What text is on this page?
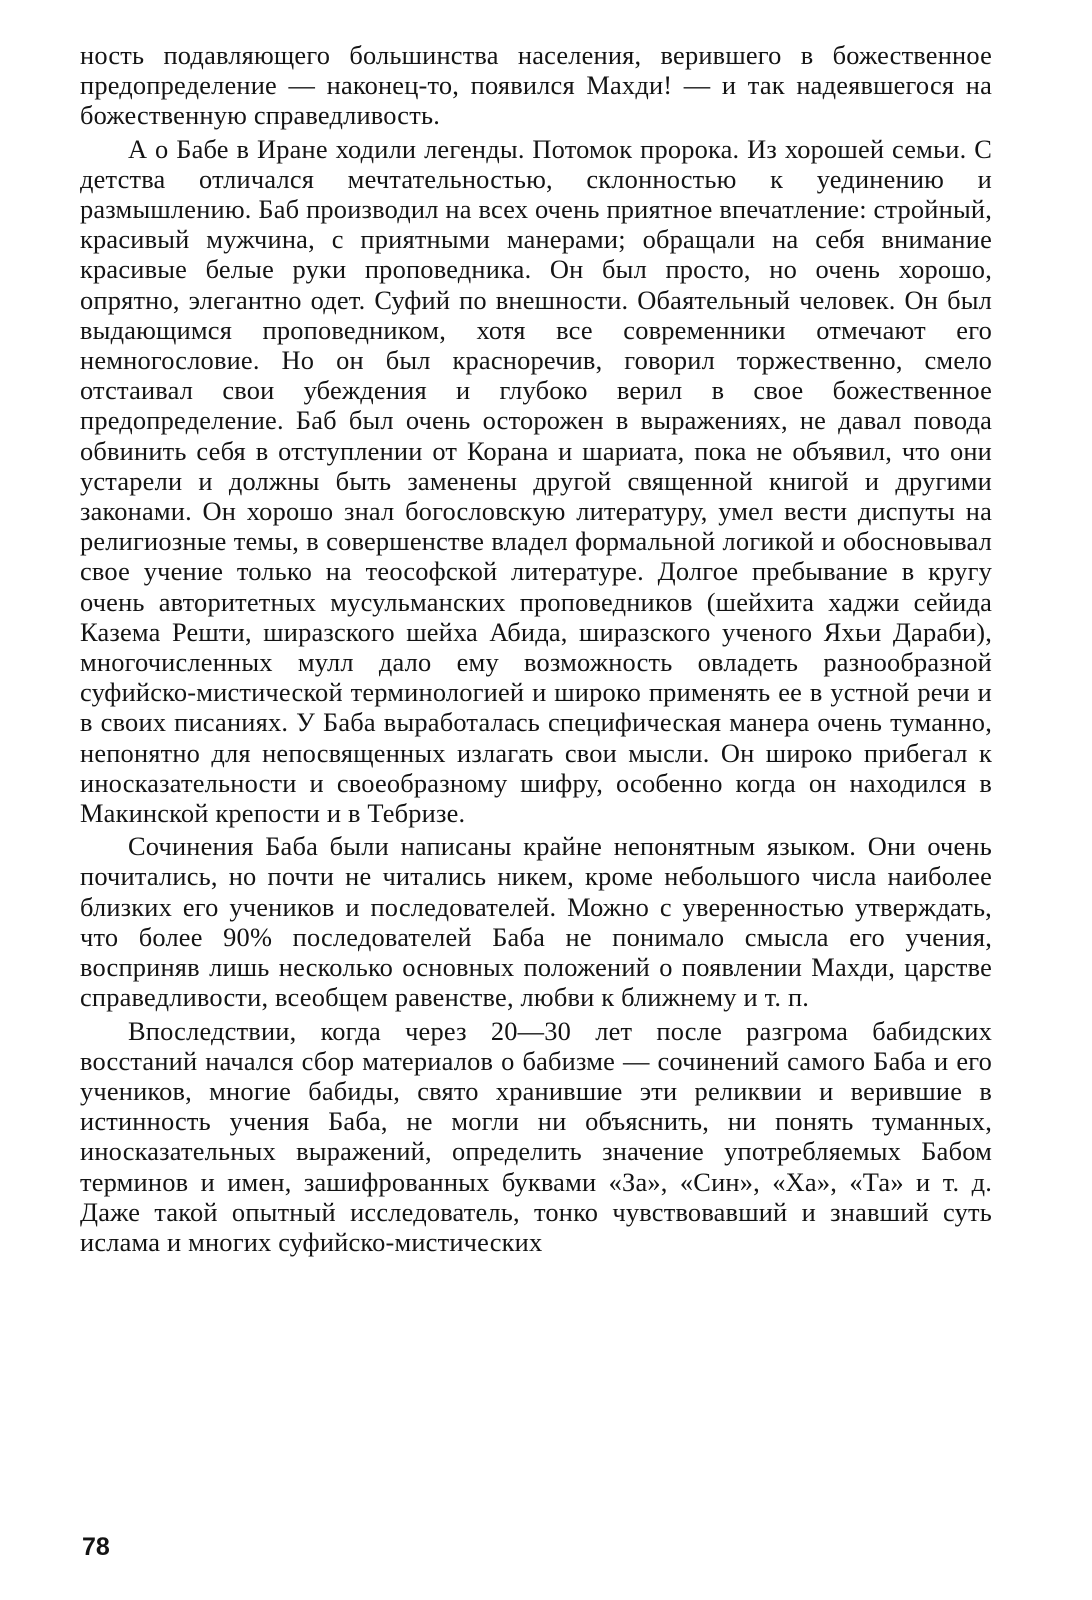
ность подавляющего большинства населения, верившего в божественное предопределение — наконец-то, появился Махди! — и так надеявшегося на божественную справедливость.

А о Бабе в Иране ходили легенды. Потомок пророка. Из хорошей семьи. С детства отличался мечтательностью, склонностью к уединению и размышлению. Баб производил на всех очень приятное впечатление: стройный, красивый мужчина, с приятными манерами; обращали на себя внимание красивые белые руки проповедника. Он был просто, но очень хорошо, опрятно, элегантно одет. Суфий по внешности. Обаятельный человек. Он был выдающимся проповедником, хотя все современники отмечают его немногословие. Но он был красноречив, говорил торжественно, смело отстаивал свои убеждения и глубоко верил в свое божественное предопределение. Баб был очень осторожен в выражениях, не давал повода обвинить себя в отступлении от Корана и шариата, пока не объявил, что они устарели и должны быть заменены другой священной книгой и другими законами. Он хорошо знал богословскую литературу, умел вести диспуты на религиозные темы, в совершенстве владел формальной логикой и обосновывал свое учение только на теософской литературе. Долгое пребывание в кругу очень авторитетных мусульманских проповедников (шейхита хаджи сейида Казема Решти, ширазского шейха Абида, ширазского ученого Яхьи Дараби), многочисленных мулл дало ему возможность овладеть разнообразной суфийско-мистической терминологией и широко применять ее в устной речи и в своих писаниях. У Баба выработалась специфическая манера очень туманно, непонятно для непосвященных излагать свои мысли. Он широко прибегал к иносказательности и своеобразному шифру, особенно когда он находился в Макинской крепости и в Тебризе.

Сочинения Баба были написаны крайне непонятным языком. Они очень почитались, но почти не читались никем, кроме небольшого числа наиболее близких его учеников и последователей. Можно с уверенностью утверждать, что более 90% последователей Баба не понимало смысла его учения, восприняв лишь несколько основных положений о появлении Махди, царстве справедливости, всеобщем равенстве, любви к ближнему и т. п.

Впоследствии, когда через 20—30 лет после разгрома бабидских восстаний начался сбор материалов о бабизме — сочинений самого Баба и его учеников, многие бабиды, свято хранившие эти реликвии и верившие в истинность учения Баба, не могли ни объяснить, ни понять туманных, иносказательных выражений, определить значение употребляемых Бабом терминов и имен, зашифрованных буквами «За», «Син», «Ха», «Та» и т. д. Даже такой опытный исследователь, тонко чувствовавший и знавший суть ислама и многих суфийско-мистических

78
